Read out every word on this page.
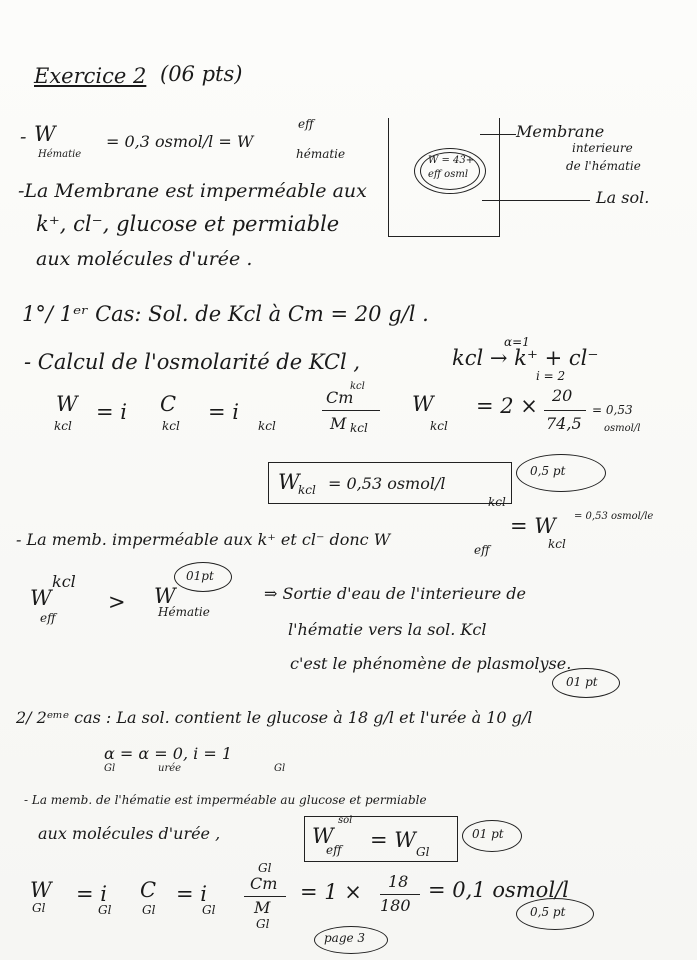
Exercice 2 (06 pts)
- W
Hématie
= 0,3 osmol/l = W
eff
hématie
-La Membrane est imperméable aux
k⁺, cl⁻, glucose et permiable
aux molécules d'urée .
W = 43+
eff osml
Membrane
interieure
de l'hématie
La sol.
1°/ 1ᵉʳ Cas: Sol. de Kcl à Cm = 20 g/l .
- Calcul de l'osmolarité de KCl ,
α=1
kcl → k⁺ + cl⁻
i = 2
W
kcl
= i C
kcl
= i
kcl
Cm
kcl
M kcl
W
kcl
= 2 × 20
74,5
= 0,53
osmol/l
W
kcl = 0,53 osmol/l
0,5 pt
- La memb. imperméable aux k⁺ et cl⁻ donc W
kcl
eff
= W
kcl
= 0,53 osmol/le
W
kcl
eff
> W
Hématie
01pt
⇒ Sortie d'eau de l'interieure de
l'hématie vers la sol. Kcl
c'est le phénomène de plasmolyse.
01 pt
2/ 2ᵉᵐᵉ cas : La sol. contient le glucose à 18 g/l et l'urée à 10 g/l
α = α = 0, i = 1
Gl	urée	Gl
- La memb. de l'hématie est imperméable au glucose et permiable
aux molécules d'urée ,	W
sol
eff = W Gl
01 pt
W
Gl
= i
Gl
C
Gl
= i
Gl
Gl
Cm
M
Gl
= 1 × 18
180
= 0,1 osmol/l
0,5 pt
page 3
